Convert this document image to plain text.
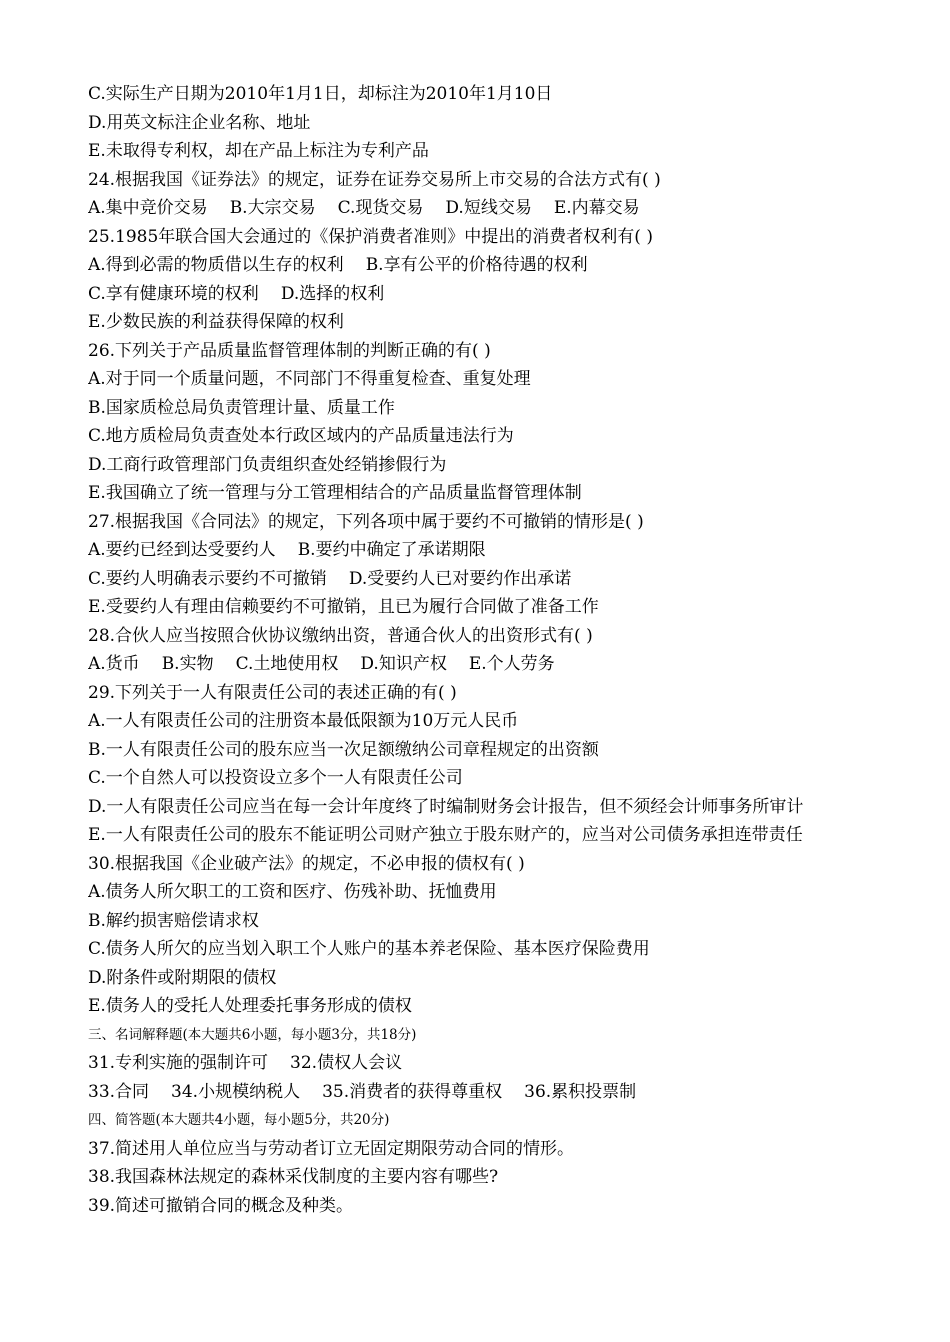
C.实际生产日期为2010年1月1日，却标注为2010年1月10日
D.用英文标注企业名称、地址
E.未取得专利权，却在产品上标注为专利产品
24.根据我国《证券法》的规定，证券在证券交易所上市交易的合法方式有( )
A.集中竞价交易 B.大宗交易 C.现货交易 D.短线交易 E.内幕交易
25.1985年联合国大会通过的《保护消费者准则》中提出的消费者权利有( )
A.得到必需的物质借以生存的权利 B.享有公平的价格待遇的权利
C.享有健康环境的权利 D.选择的权利
E.少数民族的利益获得保障的权利
26.下列关于产品质量监督管理体制的判断正确的有( )
A.对于同一个质量问题，不同部门不得重复检查、重复处理
B.国家质检总局负责管理计量、质量工作
C.地方质检局负责查处本行政区域内的产品质量违法行为
D.工商行政管理部门负责组织查处经销掺假行为
E.我国确立了统一管理与分工管理相结合的产品质量监督管理体制
27.根据我国《合同法》的规定，下列各项中属于要约不可撤销的情形是( )
A.要约已经到达受要约人 B.要约中确定了承诺期限
C.要约人明确表示要约不可撤销 D.受要约人已对要约作出承诺
E.受要约人有理由信赖要约不可撤销，且已为履行合同做了准备工作
28.合伙人应当按照合伙协议缴纳出资，普通合伙人的出资形式有( )
A.货币 B.实物 C.土地使用权 D.知识产权 E.个人劳务
29.下列关于一人有限责任公司的表述正确的有( )
A.一人有限责任公司的注册资本最低限额为10万元人民币
B.一人有限责任公司的股东应当一次足额缴纳公司章程规定的出资额
C.一个自然人可以投资设立多个一人有限责任公司
D.一人有限责任公司应当在每一会计年度终了时编制财务会计报告，但不须经会计师事务所审计
E.一人有限责任公司的股东不能证明公司财产独立于股东财产的，应当对公司债务承担连带责任
30.根据我国《企业破产法》的规定，不必申报的债权有( )
A.债务人所欠职工的工资和医疗、伤残补助、抚恤费用
B.解约损害赔偿请求权
C.债务人所欠的应当划入职工个人账户的基本养老保险、基本医疗保险费用
D.附条件或附期限的债权
E.债务人的受托人处理委托事务形成的债权
三、名词解释题(本大题共6小题，每小题3分，共18分)
31.专利实施的强制许可 32.债权人会议
33.合同 34.小规模纳税人 35.消费者的获得尊重权 36.累积投票制
四、简答题(本大题共4小题，每小题5分，共20分)
37.简述用人单位应当与劳动者订立无固定期限劳动合同的情形。
38.我国森林法规定的森林采伐制度的主要内容有哪些?
39.简述可撤销合同的概念及种类。
